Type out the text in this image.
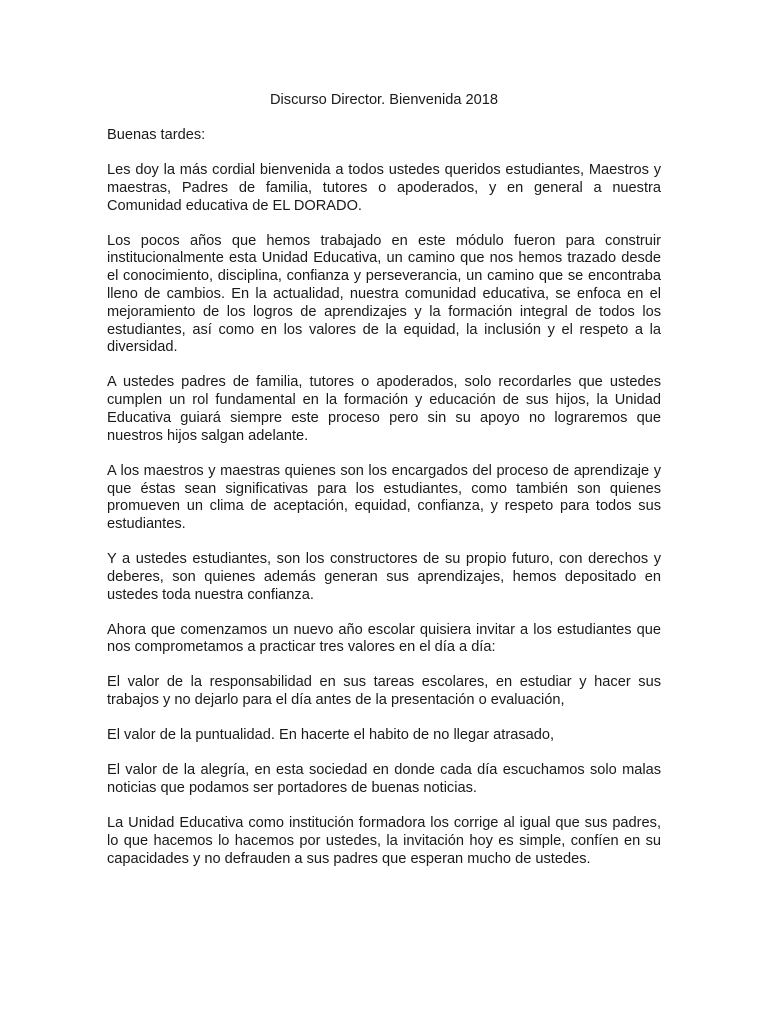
Discurso Director. Bienvenida 2018

Buenas tardes:

Les doy la más cordial bienvenida a todos ustedes queridos estudiantes, Maestros y maestras, Padres de familia, tutores o apoderados, y en general a nuestra Comunidad educativa de EL DORADO.

Los pocos años que hemos trabajado en este módulo fueron para construir institucionalmente esta Unidad Educativa, un camino que nos hemos trazado desde el conocimiento, disciplina, confianza y perseverancia, un camino que se encontraba lleno de cambios. En la actualidad, nuestra comunidad educativa, se enfoca en el mejoramiento de los logros de aprendizajes y la formación integral de todos los estudiantes, así como en los valores de la equidad, la inclusión y el respeto a la diversidad.

A ustedes padres de familia, tutores o apoderados, solo recordarles que ustedes cumplen un rol fundamental en la formación y educación de sus hijos, la Unidad Educativa guiará siempre este proceso pero sin su apoyo no lograremos que nuestros hijos salgan adelante.

A los maestros y maestras quienes son los encargados del proceso de aprendizaje y que éstas sean significativas para los estudiantes, como también son quienes promueven un clima de aceptación, equidad, confianza, y respeto para todos sus estudiantes.

Y a ustedes estudiantes, son los constructores de su propio futuro, con derechos y deberes, son quienes además generan sus aprendizajes, hemos depositado en ustedes toda nuestra confianza.

Ahora que comenzamos un nuevo año escolar quisiera invitar a los estudiantes que nos comprometamos a practicar tres valores en el día a día:

El valor de la responsabilidad en sus tareas escolares, en estudiar y hacer sus trabajos y no dejarlo para el día antes de la presentación o evaluación,

El valor de la puntualidad. En hacerte el habito de no llegar atrasado,

El valor de la alegría, en esta sociedad en donde cada día escuchamos solo malas noticias que podamos ser portadores de buenas noticias.

La Unidad Educativa como institución formadora los corrige al igual que sus padres, lo que hacemos lo hacemos por ustedes, la invitación hoy es simple, confíen en su capacidades y no defrauden a sus padres que esperan mucho de ustedes.
